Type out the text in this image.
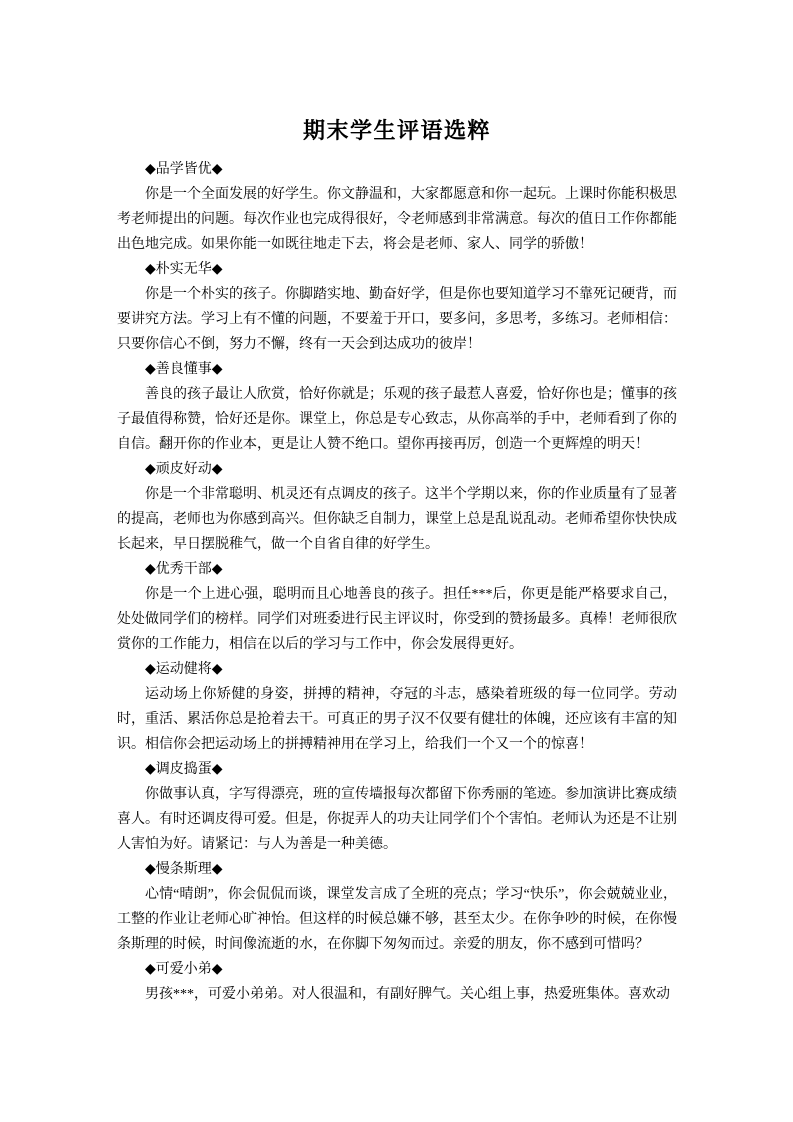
期末学生评语选粹

◆品学皆优◆

你是一个全面发展的好学生。你文静温和，大家都愿意和你一起玩。上课时你能积极思考老师提出的问题。每次作业也完成得很好，令老师感到非常满意。每次的值日工作你都能出色地完成。如果你能一如既往地走下去，将会是老师、家人、同学的骄傲！

◆朴实无华◆

你是一个朴实的孩子。你脚踏实地、勤奋好学，但是你也要知道学习不靠死记硬背，而要讲究方法。学习上有不懂的问题，不要羞于开口，要多问，多思考，多练习。老师相信：只要你信心不倒，努力不懈，终有一天会到达成功的彼岸！

◆善良懂事◆

善良的孩子最让人欣赏，恰好你就是；乐观的孩子最惹人喜爱，恰好你也是；懂事的孩子最值得称赞，恰好还是你。课堂上，你总是专心致志，从你高举的手中，老师看到了你的自信。翻开你的作业本，更是让人赞不绝口。望你再接再厉，创造一个更辉煌的明天！

◆顽皮好动◆

你是一个非常聪明、机灵还有点调皮的孩子。这半个学期以来，你的作业质量有了显著的提高，老师也为你感到高兴。但你缺乏自制力，课堂上总是乱说乱动。老师希望你快快成长起来，早日摆脱稚气，做一个自省自律的好学生。

◆优秀干部◆

你是一个上进心强，聪明而且心地善良的孩子。担任***后，你更是能严格要求自己，处处做同学们的榜样。同学们对班委进行民主评议时，你受到的赞扬最多。真棒！老师很欣赏你的工作能力，相信在以后的学习与工作中，你会发展得更好。

◆运动健将◆

运动场上你矫健的身姿，拼搏的精神，夺冠的斗志，感染着班级的每一位同学。劳动时，重活、累活你总是抢着去干。可真正的男子汉不仅要有健壮的体魄，还应该有丰富的知识。相信你会把运动场上的拼搏精神用在学习上，给我们一个又一个的惊喜！

◆调皮捣蛋◆

你做事认真，字写得漂亮，班的宣传墙报每次都留下你秀丽的笔迹。参加演讲比赛成绩喜人。有时还调皮得可爱。但是，你捉弄人的功夫让同学们个个害怕。老师认为还是不让别人害怕为好。请紧记：与人为善是一种美德。

◆慢条斯理◆

心情“晴朗”，你会侃侃而谈，课堂发言成了全班的亮点；学习“快乐”，你会兢兢业业，工整的作业让老师心旷神怡。但这样的时候总嫌不够，甚至太少。在你争吵的时候，在你慢条斯理的时候，时间像流逝的水，在你脚下匆匆而过。亲爱的朋友，你不感到可惜吗？

◆可爱小弟◆

男孩***，可爱小弟弟。对人很温和，有副好脾气。关心组上事，热爱班集体。喜欢动
